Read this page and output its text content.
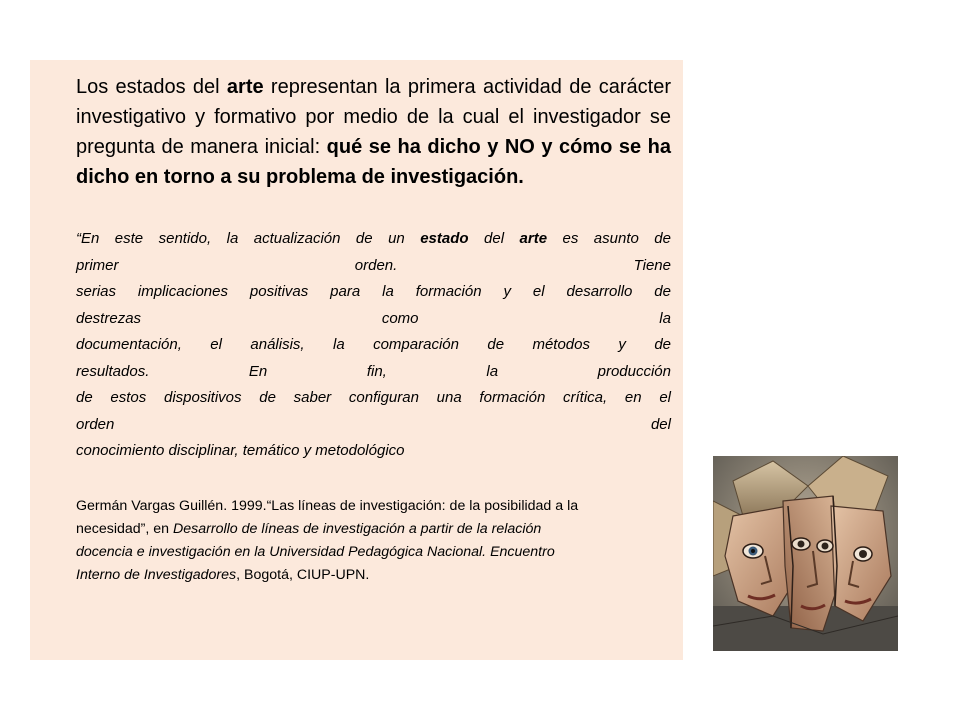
Los estados del arte representan la primera actividad de carácter investigativo y formativo por medio de la cual el investigador se pregunta de manera inicial: qué se ha dicho y NO y cómo se ha dicho en torno a su problema de investigación.

“En este sentido, la actualización de un estado del arte es asunto de
primer orden. Tiene
serias implicaciones positivas para la formación y el desarrollo de
destrezas como la
documentación, el análisis, la comparación de métodos y de
resultados. En fin, la producción
de estos dispositivos de saber configuran una formación crítica, en el
orden del
conocimiento disciplinar, temático y metodológico

Germán Vargas Guillén. 1999.“Las líneas de investigación: de la posibilidad a la
necesidad”, en Desarrollo de líneas de investigación a partir de la relación
docencia e investigación en la Universidad Pedagógica Nacional. Encuentro
Interno de Investigadores, Bogotá, CIUP-UPN.
